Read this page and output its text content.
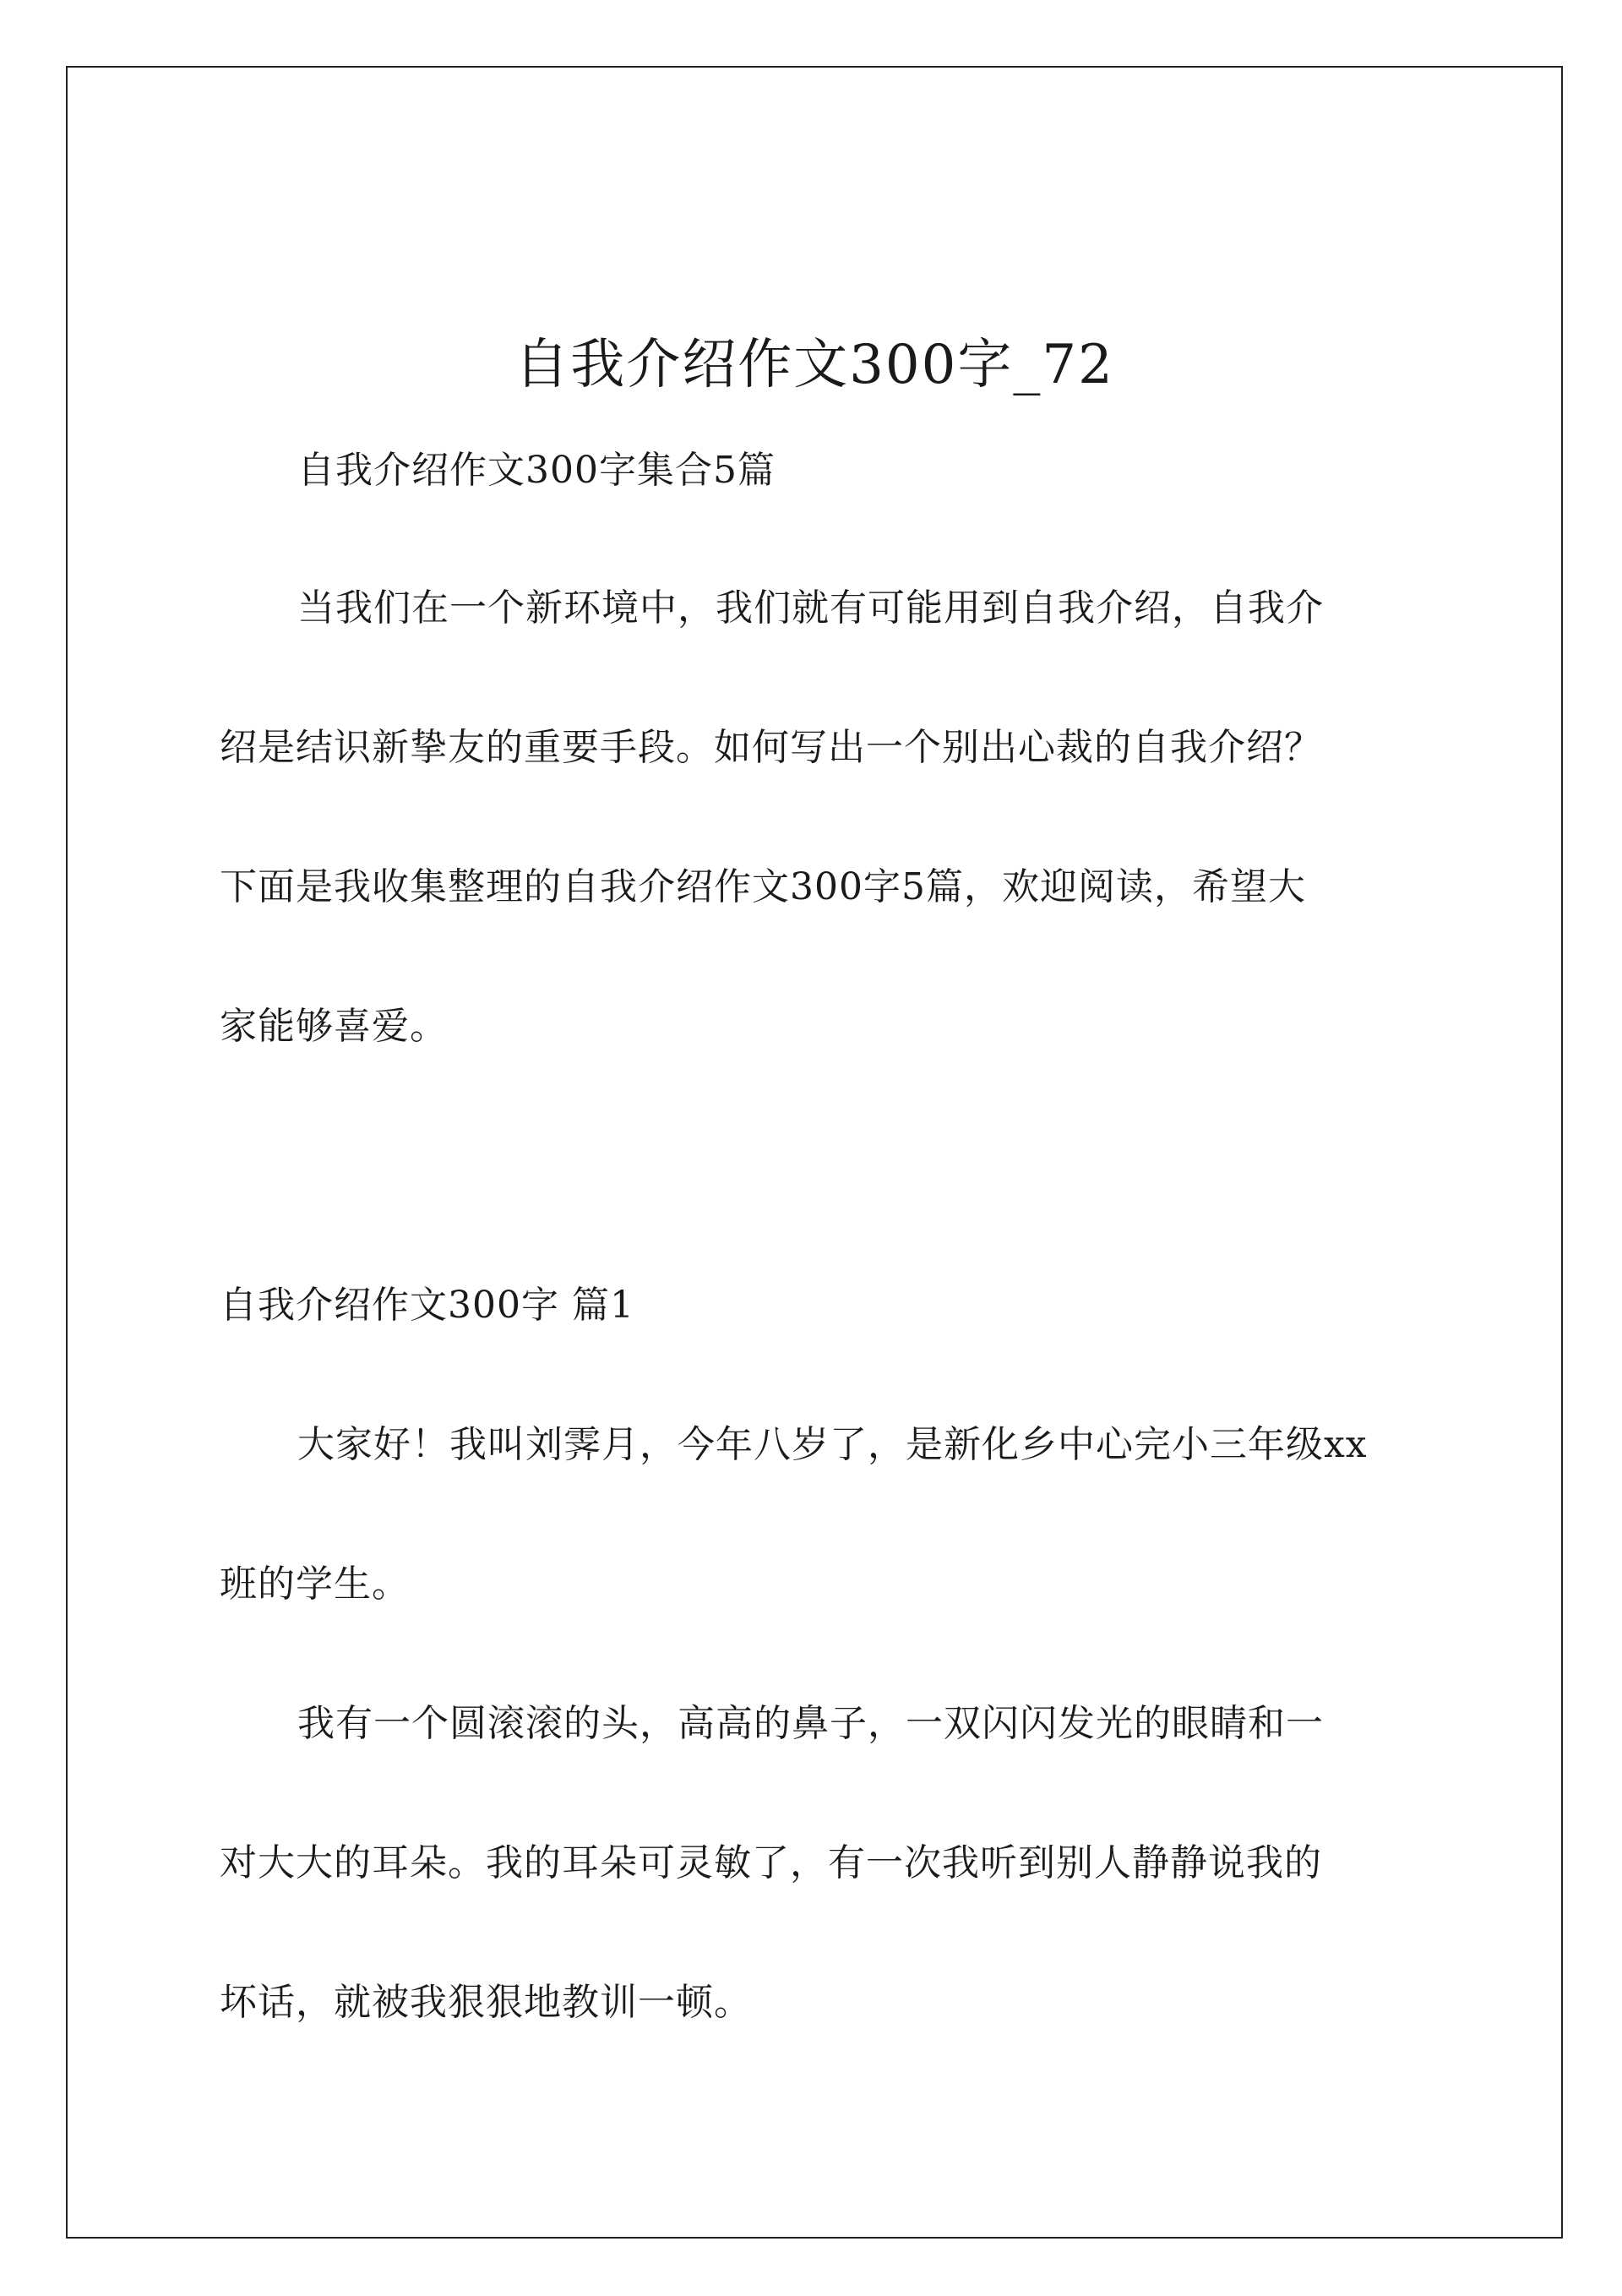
自我介绍作文300字_72

自我介绍作文300字集合5篇

当我们在一个新环境中，我们就有可能用到自我介绍，自我介

绍是结识新挚友的重要手段。如何写出一个别出心裁的自我介绍？

下面是我收集整理的自我介绍作文300字5篇，欢迎阅读，希望大

家能够喜爱。

自我介绍作文300字 篇1

大家好！我叫刘霁月，今年八岁了，是新化乡中心完小三年级xx

班的学生。

我有一个圆滚滚的头，高高的鼻子，一双闪闪发光的眼睛和一

对大大的耳朵。我的耳朵可灵敏了，有一次我听到别人静静说我的

坏话，就被我狠狠地教训一顿。
